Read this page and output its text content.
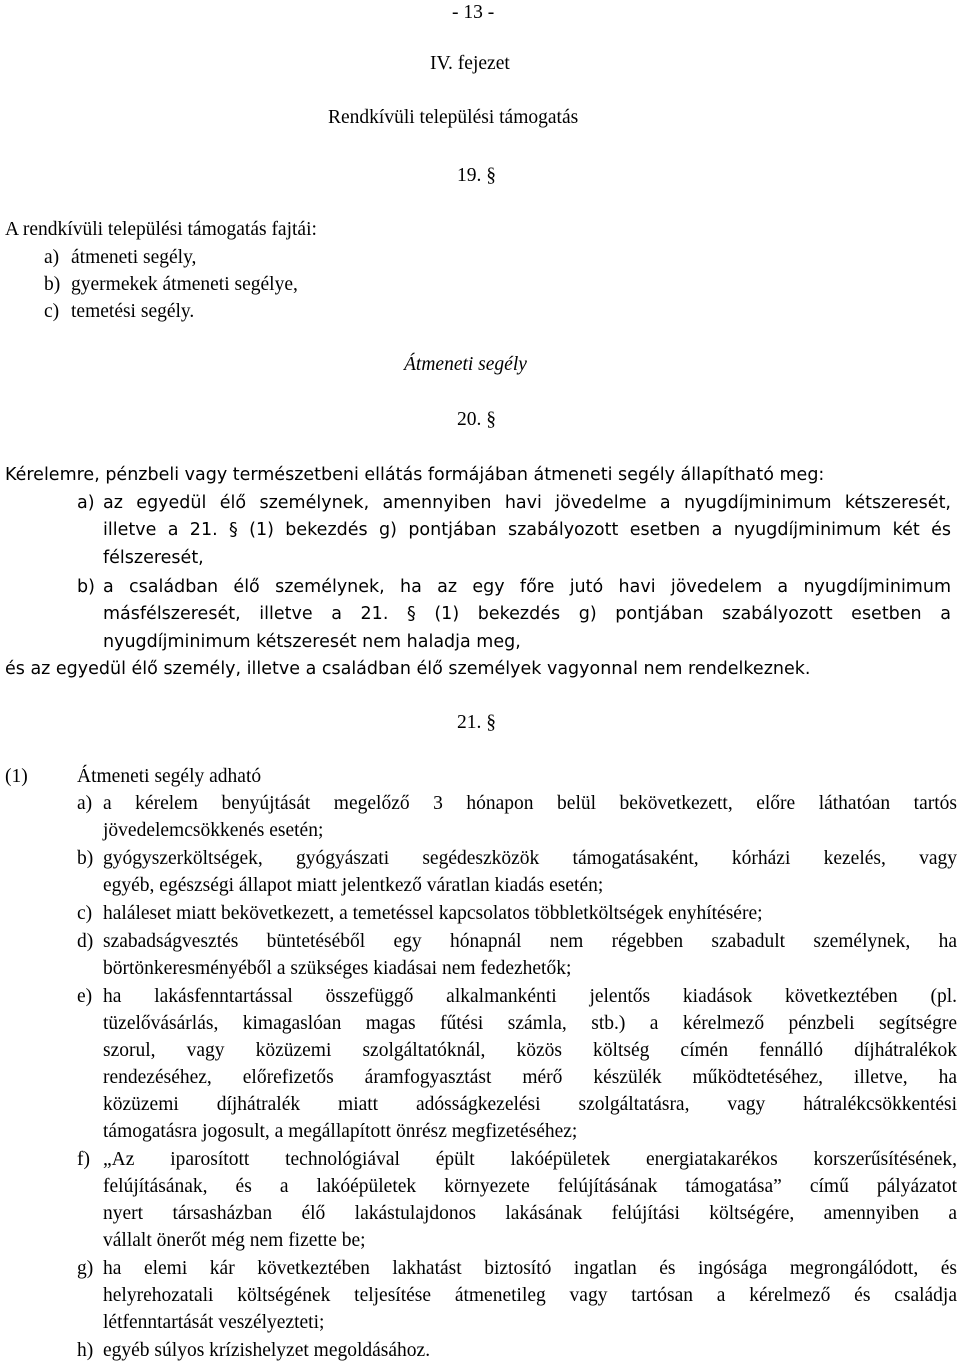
- 13 -
IV. fejezet
Rendkívüli települési támogatás
19. §
A rendkívüli települési támogatás fajtái:
a) átmeneti segély,
b) gyermekek átmeneti segélye,
c) temetési segély.
Átmeneti segély
20. §
Kérelemre, pénzbeli vagy természetbeni ellátás formájában átmeneti segély állapítható meg:
a) az egyedül élő személynek, amennyiben havi jövedelme a nyugdíjminimum kétszeresét,
illetve a 21. § (1) bekezdés g) pontjában szabályozott esetben a nyugdíjminimum két és
félszeresét,
b) a családban élő személynek, ha az egy főre jutó havi jövedelem a nyugdíjminimum
másfélszeresét, illetve a 21. § (1) bekezdés g) pontjában szabályozott esetben a
nyugdíjminimum kétszeresét nem haladja meg,
és az egyedül élő személy, illetve a családban élő személyek vagyonnal nem rendelkeznek.
21. §
(1)	Átmeneti segély adható
a) a kérelem benyújtását megelőző 3 hónapon belül bekövetkezett, előre láthatóan tartós
jövedelemcsökkenés esetén;
b) gyógyszerköltségek, gyógyászati segédeszközök támogatásaként, kórházi kezelés, vagy
egyéb, egészségi állapot miatt jelentkező váratlan kiadás esetén;
c) haláleset miatt bekövetkezett, a temetéssel kapcsolatos többletköltségek enyhítésére;
d) szabadságvesztés büntetéséből egy hónapnál nem régebben szabadult személynek, ha
börtönkeresményéből a szükséges kiadásai nem fedezhetők;
e) ha lakásfenntartással összefüggő alkalmankénti jelentős kiadások következtében (pl.
tüzelővásárlás, kimagaslóan magas fűtési számla, stb.) a kérelmező pénzbeli segítségre
szorul, vagy közüzemi szolgáltatóknál, közös költség címén fennálló díjhátralékok
rendezéséhez, előrefizetős áramfogyasztást mérő készülék működtetéséhez, illetve, ha
közüzemi díjhátralék miatt adósságkezelési szolgáltatásra, vagy hátralékcsökkentési
támogatásra jogosult, a megállapított önrész megfizetéséhez;
f) „Az iparosított technológiával épült lakóépületek energiatakarékos korszerűsítésének,
felújításának, és a lakóépületek környezete felújításának támogatása” című pályázatot
nyert társasházban élő lakástulajdonos lakásának felújítási költségére, amennyiben a
vállalt önerőt még nem fizette be;
g) ha elemi kár következtében lakhatást biztosító ingatlan és ingósága megrongálódott, és
helyrehozatali költségének teljesítése átmenetileg vagy tartósan a kérelmező és családja
létfenntartását veszélyezteti;
h) egyéb súlyos krízishelyzet megoldásához.
